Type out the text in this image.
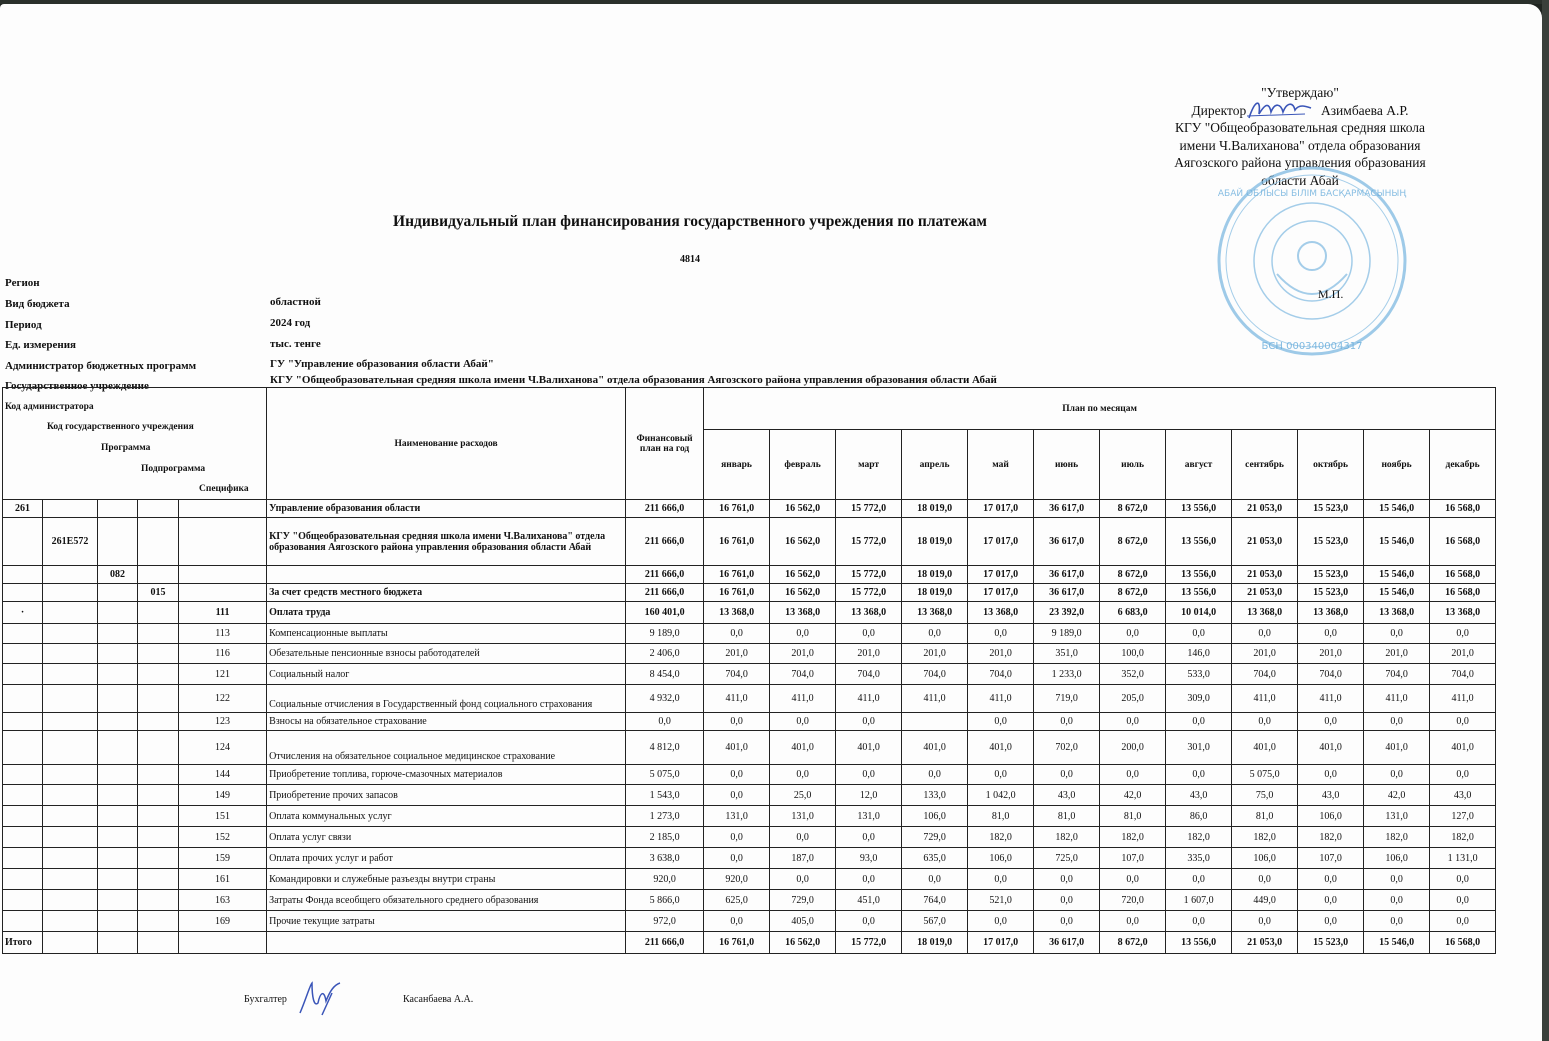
"Утверждаю"
Директор	Азимбаева А.Р.
КГУ "Общеобразовательная средняя школа
имени Ч.Валиханова" отдела образования
Аягозского района управления образования
области Абай
АБАЙ ОБЛЫСЫ БІЛІМ БАСҚАРМАСЫНЫҢ
БСН 000340004317
М.П.
Индивидуальный план финансирования государственного учреждения по платежам
4814
Регион
Вид бюджета	областной
Период	2024 год
Ед. измерения	тыс. тенге
Администратор бюджетных программ	ГУ "Управление образования области Абай"
Государственное учреждение	КГУ "Общеобразовательная средняя школа имени Ч.Валиханова" отдела образования Аягозского района управления образования области Абай
Код администратора
Код государственного учреждения
Программа
Подпрограмма
Специфика					Наименование расходов	Финансовый план на год	План по месяцам											
							январь	февраль	март	апрель	май	июнь	июль	август	сентябрь	октябрь	ноябрь	декабрь
261					Управление образования области	211 666,0	16 761,0	16 562,0	15 772,0	18 019,0	17 017,0	36 617,0	8 672,0	13 556,0	21 053,0	15 523,0	15 546,0	16 568,0
	261E572				КГУ "Общеобразовательная средняя школа имени Ч.Валиханова" отдела образования Аягозского района управления образования области Абай	211 666,0	16 761,0	16 562,0	15 772,0	18 019,0	17 017,0	36 617,0	8 672,0	13 556,0	21 053,0	15 523,0	15 546,0	16 568,0
		082				211 666,0	16 761,0	16 562,0	15 772,0	18 019,0	17 017,0	36 617,0	8 672,0	13 556,0	21 053,0	15 523,0	15 546,0	16 568,0
			015		За счет средств местного бюджета	211 666,0	16 761,0	16 562,0	15 772,0	18 019,0	17 017,0	36 617,0	8 672,0	13 556,0	21 053,0	15 523,0	15 546,0	16 568,0
·				111	Оплата труда	160 401,0	13 368,0	13 368,0	13 368,0	13 368,0	13 368,0	23 392,0	6 683,0	10 014,0	13 368,0	13 368,0	13 368,0	13 368,0
				113	Компенсационные выплаты	9 189,0	0,0	0,0	0,0	0,0	0,0	9 189,0	0,0	0,0	0,0	0,0	0,0	0,0
				116	Обезательные пенсионные взносы работодателей	2 406,0	201,0	201,0	201,0	201,0	201,0	351,0	100,0	146,0	201,0	201,0	201,0	201,0
				121	Социальный налог	8 454,0	704,0	704,0	704,0	704,0	704,0	1 233,0	352,0	533,0	704,0	704,0	704,0	704,0
				122	Социальные отчисления в Государственный фонд социального страхования	4 932,0	411,0	411,0	411,0	411,0	411,0	719,0	205,0	309,0	411,0	411,0	411,0	411,0
				123	Взносы на обязательное страхование	0,0	0,0	0,0	0,0		0,0	0,0	0,0	0,0	0,0	0,0	0,0	0,0
				124	Отчисления на обязательное социальное медицинское страхование	4 812,0	401,0	401,0	401,0	401,0	401,0	702,0	200,0	301,0	401,0	401,0	401,0	401,0
				144	Приобретение топлива, горюче-смазочных материалов	5 075,0	0,0	0,0	0,0	0,0	0,0	0,0	0,0	0,0	5 075,0	0,0	0,0	0,0
				149	Приобретение прочих запасов	1 543,0	0,0	25,0	12,0	133,0	1 042,0	43,0	42,0	43,0	75,0	43,0	42,0	43,0
				151	Оплата коммунальных услуг	1 273,0	131,0	131,0	131,0	106,0	81,0	81,0	81,0	86,0	81,0	106,0	131,0	127,0
				152	Оплата услуг связи	2 185,0	0,0	0,0	0,0	729,0	182,0	182,0	182,0	182,0	182,0	182,0	182,0	182,0
				159	Оплата прочих услуг и работ	3 638,0	0,0	187,0	93,0	635,0	106,0	725,0	107,0	335,0	106,0	107,0	106,0	1 131,0
				161	Командировки и служебные разъезды внутри страны	920,0	920,0	0,0	0,0	0,0	0,0	0,0	0,0	0,0	0,0	0,0	0,0	0,0
				163	Затраты Фонда всеобщего обязательного среднего образования	5 866,0	625,0	729,0	451,0	764,0	521,0	0,0	720,0	1 607,0	449,0	0,0	0,0	0,0
				169	Прочие текущие затраты	972,0	0,0	405,0	0,0	567,0	0,0	0,0	0,0	0,0	0,0	0,0	0,0	0,0
Итого						211 666,0	16 761,0	16 562,0	15 772,0	18 019,0	17 017,0	36 617,0	8 672,0	13 556,0	21 053,0	15 523,0	15 546,0	16 568,0
Бухгалтер	Касанбаева А.А.
